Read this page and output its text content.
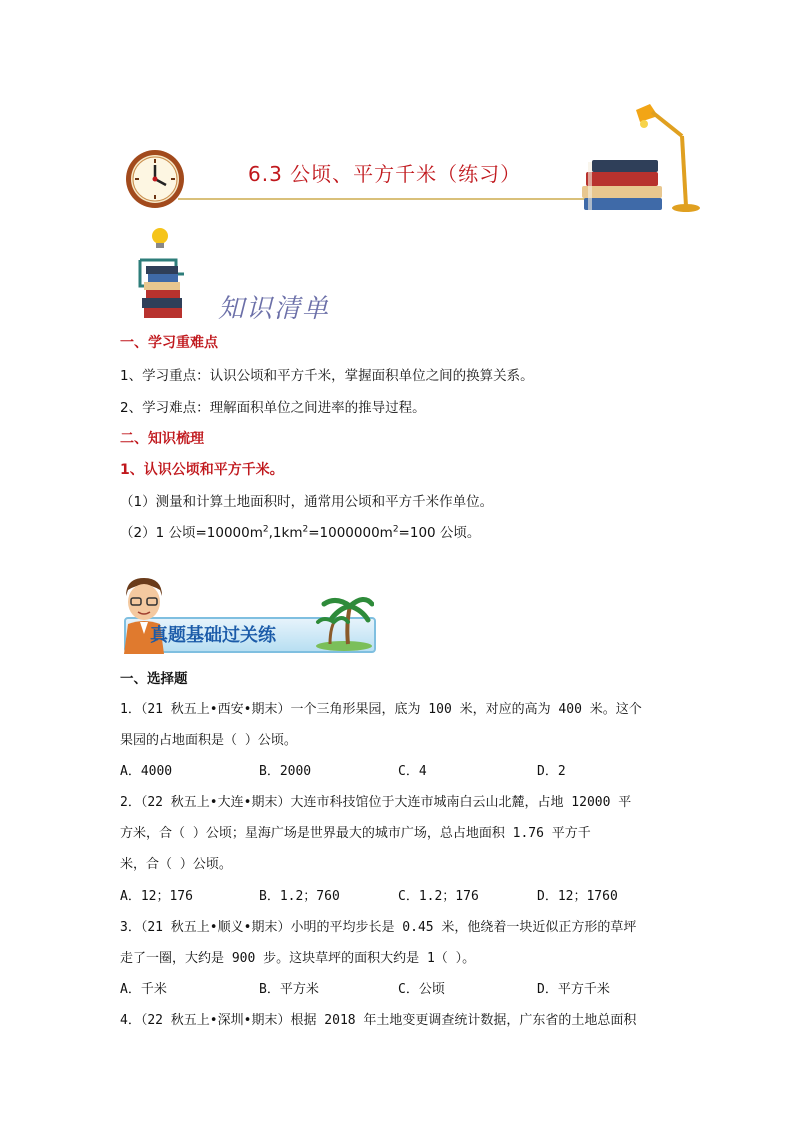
6.3 公顷、平方千米（练习）
知识清单
一、学习重难点
1、学习重点：认识公顷和平方千米，掌握面积单位之间的换算关系。
2、学习难点：理解面积单位之间进率的推导过程。
二、知识梳理
1、认识公顷和平方千米。
（1）测量和计算土地面积时，通常用公顷和平方千米作单位。
（2）1 公顷$=10000m^2,1km^2=1000000m^2=100$ 公顷。
真题基础过关练
一、选择题
1．（21 秋五上•西安•期末）一个三角形果园，底为 100 米，对应的高为 400 米。这个
果园的占地面积是（ ）公顷。
A．4000	B．2000	C．4	D．2
2．（22 秋五上•大连•期末）大连市科技馆位于大连市城南白云山北麓，占地 12000 平
方米，合（ ）公顷；星海广场是世界最大的城市广场，总占地面积 1.76 平方千
米，合（ ）公顷。
A．12；176	B．1.2；760	C．1.2；176	D．12；1760
3．（21 秋五上•顺义•期末）小明的平均步长是 0.45 米，他绕着一块近似正方形的草坪
走了一圈，大约是 900 步。这块草坪的面积大约是 1（ ）。
A．千米	B．平方米	C．公顷	D．平方千米
4．（22 秋五上•深圳•期末）根据 2018 年土地变更调查统计数据，广东省的土地总面积
